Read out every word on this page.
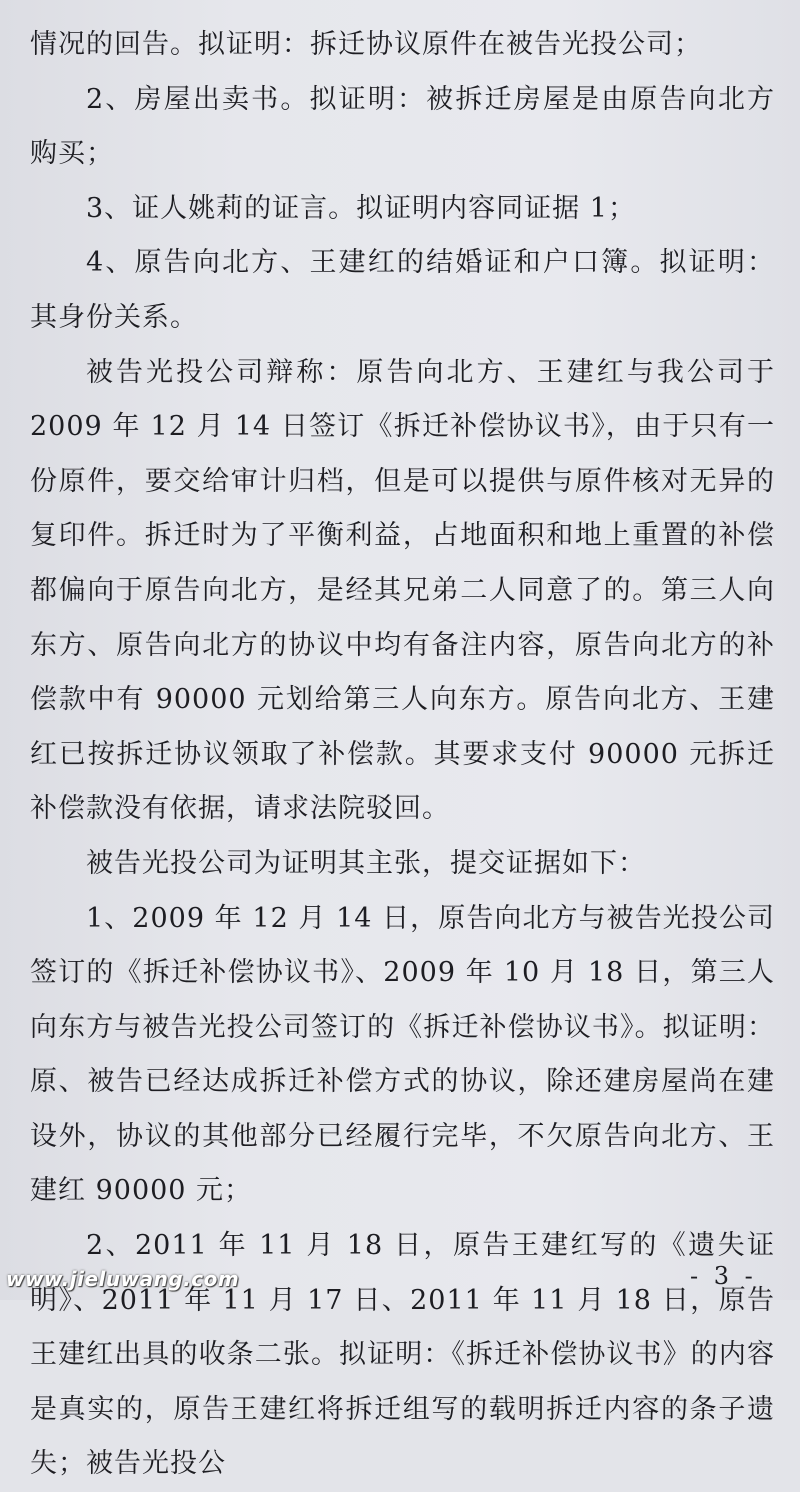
情况的回告。拟证明：拆迁协议原件在被告光投公司；

2、房屋出卖书。拟证明：被拆迁房屋是由原告向北方购买；

3、证人姚莉的证言。拟证明内容同证据 1；

4、原告向北方、王建红的结婚证和户口簿。拟证明：其身份关系。

被告光投公司辩称：原告向北方、王建红与我公司于 2009 年 12 月 14 日签订《拆迁补偿协议书》，由于只有一份原件，要交给审计归档，但是可以提供与原件核对无异的复印件。拆迁时为了平衡利益，占地面积和地上重置的补偿都偏向于原告向北方，是经其兄弟二人同意了的。第三人向东方、原告向北方的协议中均有备注内容，原告向北方的补偿款中有 90000 元划给第三人向东方。原告向北方、王建红已按拆迁协议领取了补偿款。其要求支付 90000 元拆迁补偿款没有依据，请求法院驳回。

被告光投公司为证明其主张，提交证据如下：

1、2009 年 12 月 14 日，原告向北方与被告光投公司签订的《拆迁补偿协议书》、2009 年 10 月 18 日，第三人向东方与被告光投公司签订的《拆迁补偿协议书》。拟证明：原、被告已经达成拆迁补偿方式的协议，除还建房屋尚在建设外，协议的其他部分已经履行完毕，不欠原告向北方、王建红 90000 元；

2、2011 年 11 月 18 日，原告王建红写的《遗失证明》、2011 年 11 月 17 日、2011 年 11 月 18 日，原告王建红出具的收条二张。拟证明：《拆迁补偿协议书》的内容是真实的，原告王建红将拆迁组写的载明拆迁内容的条子遗失；被告光投公

- 3 -
www.jieluwang.com
